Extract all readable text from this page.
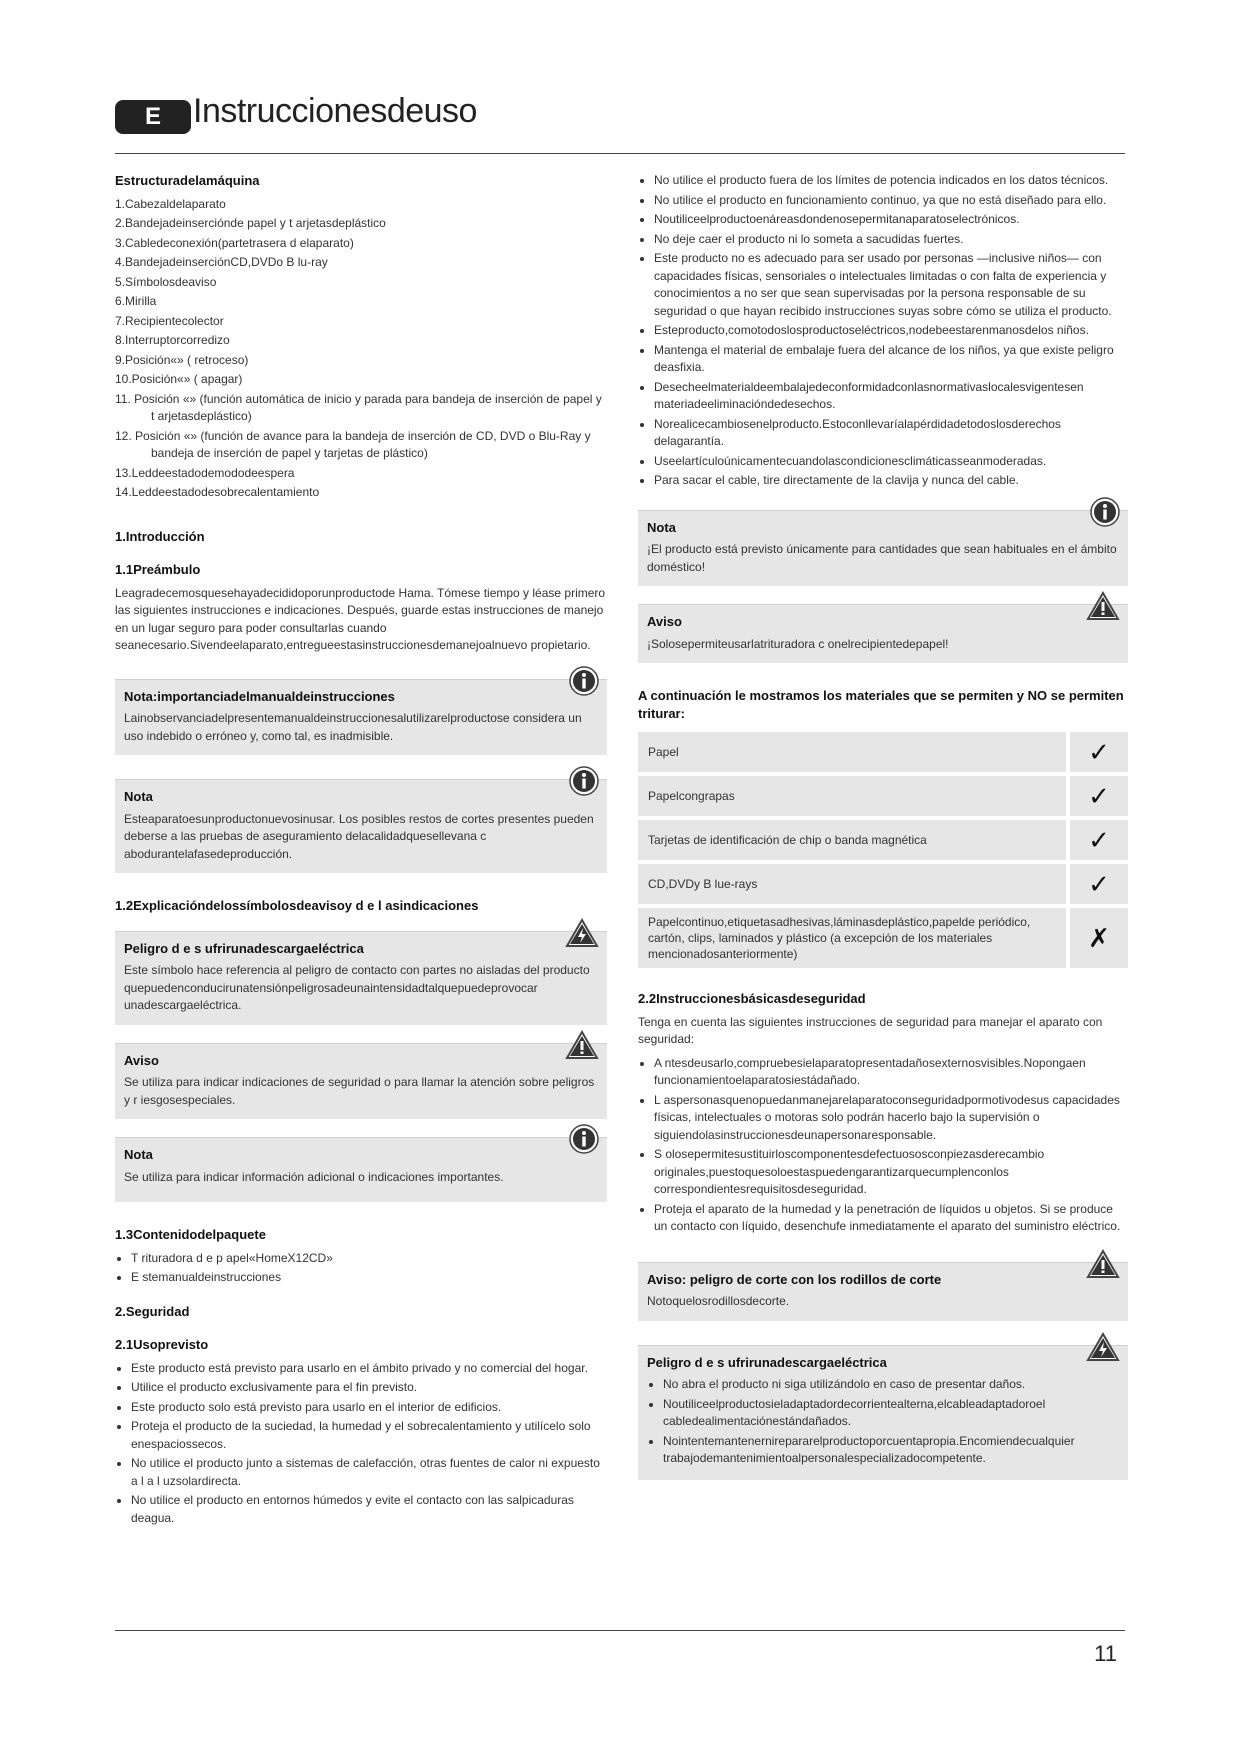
E Instruccionesdeuso
Estructuradelamáquina
1.Cabezaldelaparato
2.Bandejadeinserciónde papel y t arjetasdeplástico
3.Cabledeconexión(partetrasera d elaparato)
4.BandejadeinserciónCD,DVDo B lu-ray
5.Símbolosdeaviso
6.Mirilla
7.Recipientecolector
8.Interruptorcorredizo
9.Posición«» ( retroceso)
10.Posición«» ( apagar)
11. Posición «» (función automática de inicio y parada para bandeja de inserción de papel y t arjetasdeplástico)
12. Posición «» (función de avance para la bandeja de inserción de CD, DVD o Blu-Ray y bandeja de inserción de papel y tarjetas de plástico)
13.Leddeestadodemododeespera
14.Leddeestadodesobrecalentamiento
1.Introducción
1.1Preámbulo

Leagradecemosquesehayadecididoporunproductode Hama. Tómese tiempo y léase primero las siguientes instrucciones e indicaciones. Después, guarde estas instrucciones de manejo en un lugar seguro para poder consultarlas cuando seanecesario.Sivendeelaparato,entregueestasinstruccionesdemanejoalnuevo propietario.

Nota:importanciadelmanualdeinstrucciones

Lainobservanciadelpresentemanualdeinstruccionesalutilizarelproductose considera un uso indebido o erróneo y, como tal, es inadmisible.

Nota

Esteaparatoesunproductonuevosinusar. Los posibles restos de cortes presentes pueden deberse a las pruebas de aseguramiento delacalidadquesellevana c abodurantelafasedeproducción.

1.2Explicacióndelossímbolosdeavisoy d e l asindicaciones
Peligro d e s ufrirunadescargaeléctrica

Este símbolo hace referencia al peligro de contacto con partes no aisladas del producto quepuedenconducirunatensiónpeligrosadeunaintensidadtalquepuedeprovocar unadescargaeléctrica.

Aviso

Se utiliza para indicar indicaciones de seguridad o para llamar la atención sobre peligros y r iesgosespeciales.

Nota

Se utiliza para indicar información adicional o indicaciones importantes.

1.3Contenidodelpaquete
• T rituradora d e p apel«HomeX12CD»
• E stemanualdeinstrucciones
2.Seguridad
2.1Usoprevisto
• Este producto está previsto para usarlo en el ámbito privado y no comercial del hogar.
• Utilice el producto exclusivamente para el fin previsto.
• Este producto solo está previsto para usarlo en el interior de edificios.
• Proteja el producto de la suciedad, la humedad y el sobrecalentamiento y utilícelo solo enespaciossecos.
• No utilice el producto junto a sistemas de calefacción, otras fuentes de calor ni expuesto a l a l uzsolardirecta.
• No utilice el producto en entornos húmedos y evite el contacto con las salpicaduras deagua.
• No utilice el producto fuera de los límites de potencia indicados en los datos técnicos.
• No utilice el producto en funcionamiento continuo, ya que no está diseñado para ello.
• Noutiliceelproductoenáreasdondenosepermitanaparatoselectrónicos.
• No deje caer el producto ni lo someta a sacudidas fuertes.
• Este producto no es adecuado para ser usado por personas —inclusive niños— con capacidades físicas, sensoriales o intelectuales limitadas o con falta de experiencia y conocimientos a no ser que sean supervisadas por la persona responsable de su seguridad o que hayan recibido instrucciones suyas sobre cómo se utiliza el producto.
• Esteproducto,comotodoslosproductoseléctricos,nodebeestarenmanosdelos niños.
• Mantenga el material de embalaje fuera del alcance de los niños, ya que existe peligro deasfixia.
• Desecheelmaterialdeembalajedeconformidadconlasnormativaslocalesvigentesen materiadeeliminacióndedesechos.
• Norealicecambiosenelproducto.Estoconllevaríalapérdidadetodoslosderechos delagarantía.
• Useelartículoúnicamentecuandolascondicionesclimáticasseanmoderadas.
• Para sacar el cable, tire directamente de la clavija y nunca del cable.
Nota

¡El producto está previsto únicamente para cantidades que sean habituales en el ámbito doméstico!

Aviso

¡Solosepermiteusarlatrituradora c onelrecipientedepapel!

A continuación le mostramos los materiales que se permiten y NO se permiten triturar:
Papel	✓
Papelcongrapas	✓
Tarjetas de identificación de chip o banda magnética	✓
CD,DVDy B lue-rays	✓
Papelcontinuo,etiquetasadhesivas,láminasdeplástico,papelde periódico, cartón, clips, laminados y plástico (a excepción de los materiales mencionadosanteriormente)	✗
2.2Instruccionesbásicasdeseguridad

Tenga en cuenta las siguientes instrucciones de seguridad para manejar el aparato con seguridad:

• A ntesdeusarlo,compruebesielaparatopresentadañosexternosvisibles.Nopongaen funcionamientoelaparatosiestádañado.
• L aspersonasquenopuedanmanejarelaparatoconseguridadpormotivodesus capacidades físicas, intelectuales o motoras solo podrán hacerlo bajo la supervisión o siguiendolasinstruccionesdeunapersonaresponsable.
• S olosepermitesustituirloscomponentesdefectuososconpiezasderecambio originales,puestoquesoloestaspuedengarantizarquecumplenconlos correspondientesrequisitosdeseguridad.
• Proteja el aparato de la humedad y la penetración de líquidos u objetos. Si se produce un contacto con líquido, desenchufe inmediatamente el aparato del suministro eléctrico.
Aviso: peligro de corte con los rodillos de corte

Notoquelosrodillosdecorte.

Peligro d e s ufrirunadescargaeléctrica
• No abra el producto ni siga utilizándolo en caso de presentar daños.
• Noutiliceelproductosieladaptadordecorrientealterna,elcableadaptadoroel cabledealimentaciónestándañados.
• Nointentemantenernirepararelproductoporcuentapropia.Encomiendecualquier trabajodemantenimientoalpersonalespecializadocompetente.
11
